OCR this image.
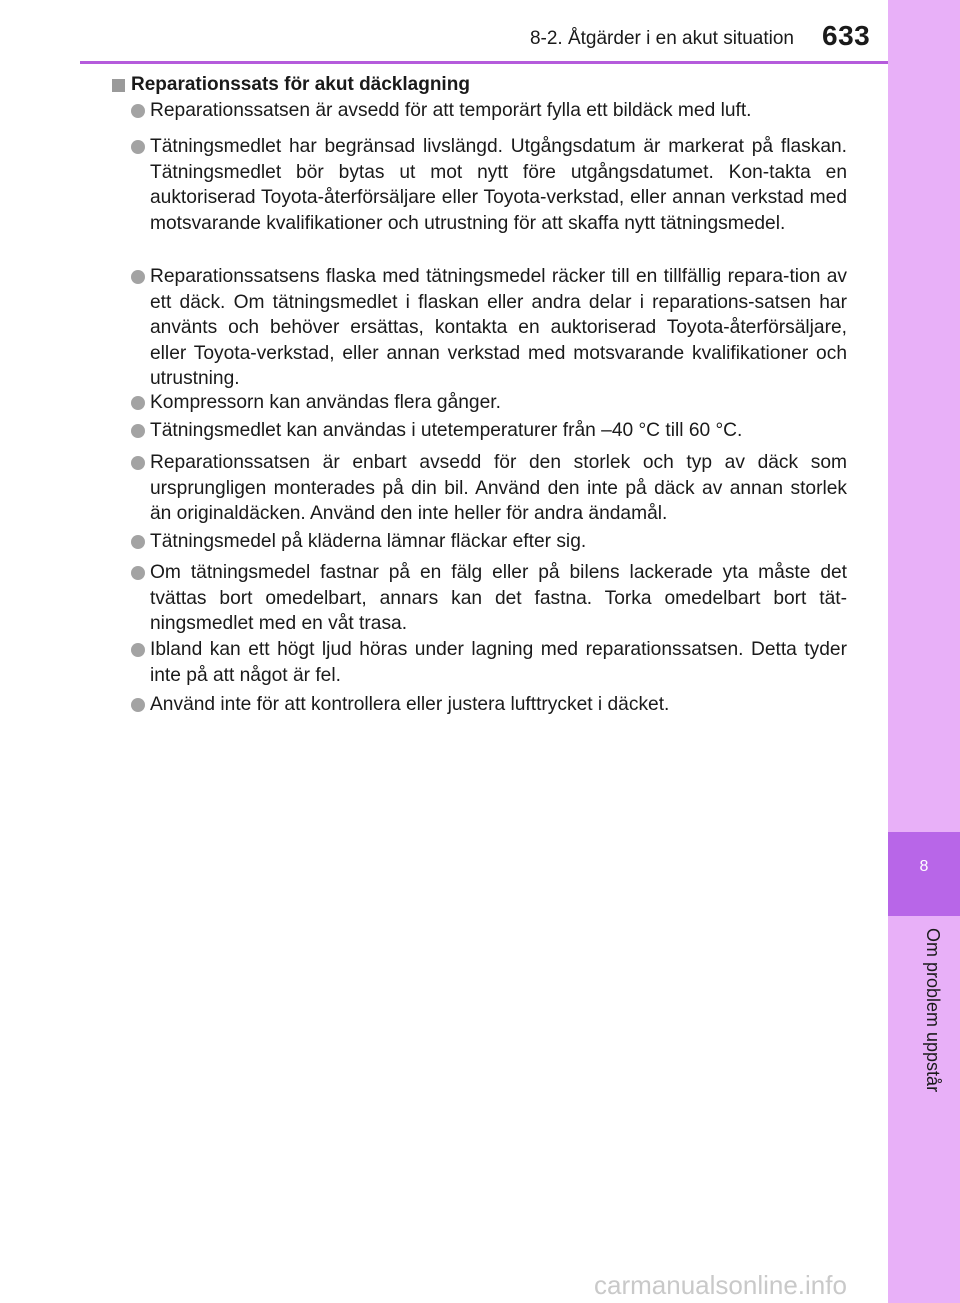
8-2. Åtgärder i en akut situation 633
8
Om problem uppstår
Reparationssats för akut däcklagning
Reparationssatsen är avsedd för att temporärt fylla ett bildäck med luft.
Tätningsmedlet har begränsad livslängd. Utgångsdatum är markerat på flaskan. Tätningsmedlet bör bytas ut mot nytt före utgångsdatumet. Kon-takta en auktoriserad Toyota-återförsäljare eller Toyota-verkstad, eller annan verkstad med motsvarande kvalifikationer och utrustning för att skaffa nytt tätningsmedel.
Reparationssatsens flaska med tätningsmedel räcker till en tillfällig repara-tion av ett däck. Om tätningsmedlet i flaskan eller andra delar i reparations-satsen har använts och behöver ersättas, kontakta en auktoriserad Toyota-återförsäljare, eller Toyota-verkstad, eller annan verkstad med motsvarande kvalifikationer och utrustning.
Kompressorn kan användas flera gånger.
Tätningsmedlet kan användas i utetemperaturer från –40 °C till 60 °C.
Reparationssatsen är enbart avsedd för den storlek och typ av däck som ursprungligen monterades på din bil. Använd den inte på däck av annan storlek än originaldäcken. Använd den inte heller för andra ändamål.
Tätningsmedel på kläderna lämnar fläckar efter sig.
Om tätningsmedel fastnar på en fälg eller på bilens lackerade yta måste det tvättas bort omedelbart, annars kan det fastna. Torka omedelbart bort tät-ningsmedlet med en våt trasa.
Ibland kan ett högt ljud höras under lagning med reparationssatsen. Detta tyder inte på att något är fel.
Använd inte för att kontrollera eller justera lufttrycket i däcket.
carmanualsonline.info
